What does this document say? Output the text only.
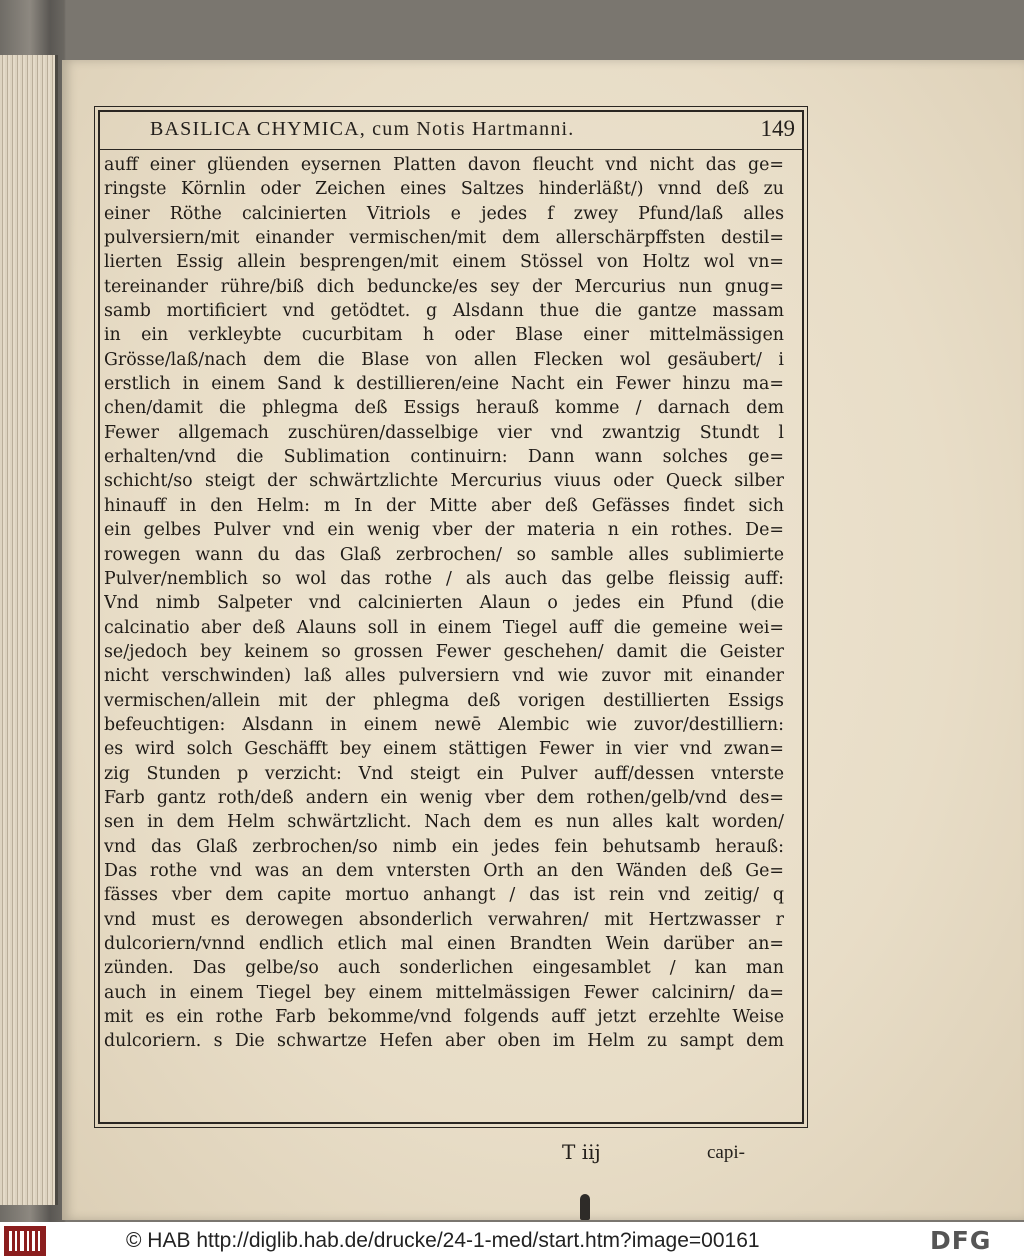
BASILICA CHYMICA, cum Notis Hartmanni.	149
auff einer glüenden eysernen Platten davon fleucht vnd nicht das ge=
ringste Körnlin oder Zeichen eines Saltzes hinderläßt/) vnnd deß zu
einer Röthe calcinierten Vitriols e jedes f zwey Pfund/laß alles
pulversiern/mit einander vermischen/mit dem allerschärpffsten destil=
lierten Essig allein besprengen/mit einem Stössel von Holtz wol vn=
tereinander rühre/biß dich beduncke/es sey der Mercurius nun gnug=
samb mortificiert vnd getödtet. g Alsdann thue die gantze massam
in ein verkleybte cucurbitam h oder Blase einer mittelmässigen
Grösse/laß/nach dem die Blase von allen Flecken wol gesäubert/ i
erstlich in einem Sand k destillieren/eine Nacht ein Fewer hinzu ma=
chen/damit die phlegma deß Essigs herauß komme / darnach dem
Fewer allgemach zuschüren/dasselbige vier vnd zwantzig Stundt l
erhalten/vnd die Sublimation continuirn: Dann wann solches ge=
schicht/so steigt der schwärtzlichte Mercurius viuus oder Queck silber
hinauff in den Helm: m In der Mitte aber deß Gefässes findet sich
ein gelbes Pulver vnd ein wenig vber der materia n ein rothes. De=
rowegen wann du das Glaß zerbrochen/ so samble alles sublimierte
Pulver/nemblich so wol das rothe / als auch das gelbe fleissig auff:
Vnd nimb Salpeter vnd calcinierten Alaun o jedes ein Pfund (die
calcinatio aber deß Alauns soll in einem Tiegel auff die gemeine wei=
se/jedoch bey keinem so grossen Fewer geschehen/ damit die Geister
nicht verschwinden) laß alles pulversiern vnd wie zuvor mit einander
vermischen/allein mit der phlegma deß vorigen destillierten Essigs
befeuchtigen: Alsdann in einem newē Alembic wie zuvor/destilliern:
es wird solch Geschäfft bey einem stättigen Fewer in vier vnd zwan=
zig Stunden p verzicht: Vnd steigt ein Pulver auff/dessen vnterste
Farb gantz roth/deß andern ein wenig vber dem rothen/gelb/vnd des=
sen in dem Helm schwärtzlicht. Nach dem es nun alles kalt worden/
vnd das Glaß zerbrochen/so nimb ein jedes fein behutsamb herauß:
Das rothe vnd was an dem vntersten Orth an den Wänden deß Ge=
fässes vber dem capite mortuo anhangt / das ist rein vnd zeitig/ q
vnd must es derowegen absonderlich verwahren/ mit Hertzwasser r
dulcoriern/vnnd endlich etlich mal einen Brandten Wein darüber an=
zünden. Das gelbe/so auch sonderlichen eingesamblet / kan man
auch in einem Tiegel bey einem mittelmässigen Fewer calcinirn/ da=
mit es ein rothe Farb bekomme/vnd folgends auff jetzt erzehlte Weise
dulcoriern. s Die schwartze Hefen aber oben im Helm zu sampt dem
T iij	capi-
© HAB http://diglib.hab.de/drucke/24-1-med/start.htm?image=00161	DFG
